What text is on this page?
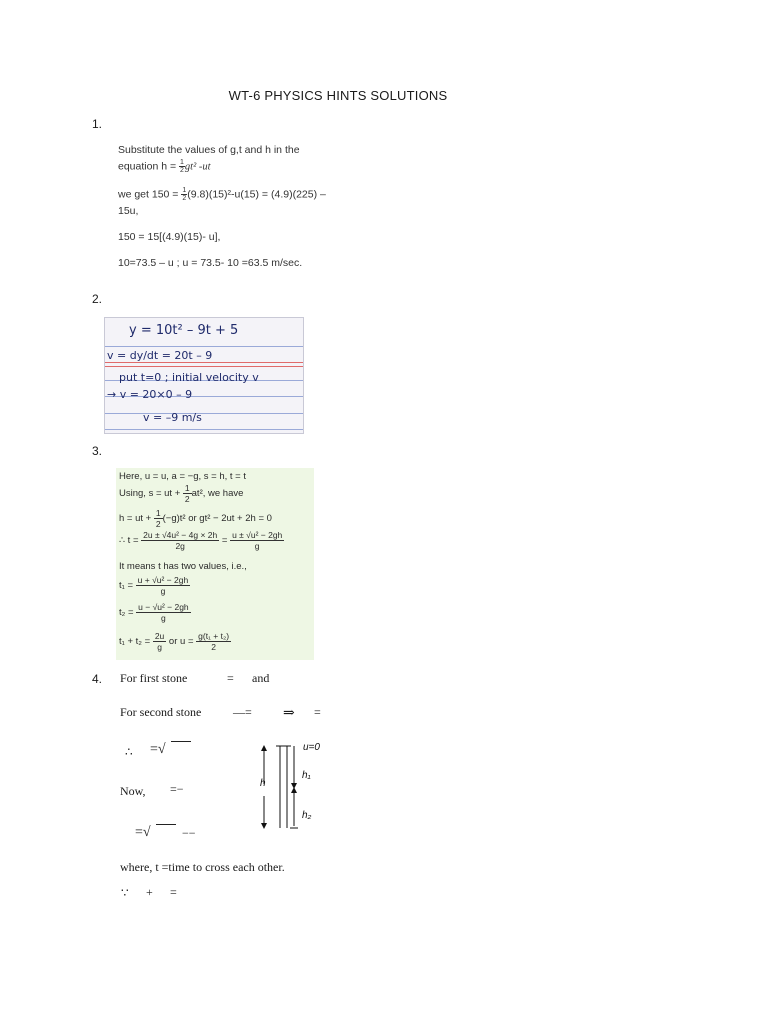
WT-6 PHYSICS HINTS SOLUTIONS
1.

Substitute the values of g,t and h in the

equation $h = \frac{1}{2} gt^2$ -ut

we get $150 = \frac{1}{2} (9.8)(15)^2-u(15) = (4.9)(225)$ –

15u,

150 = 15[(4.9)(15)- u],

10=73.5 – u ; u = 73.5- 10 =63.5 m/sec.

2.
y = 10t² – 9t + 5
v = dy/dt = 20t – 9
put t=0 ; initial velocity v
→ v = 20×0 – 9
v = –9 m/s
3.
Here, u = u, a = −g, s = h, t = t
Using, s = ut + $\frac{1}{2} at^2$, we have
h = ut + $\frac{1}{2} (-g)t^2$ or gt² − 2ut + 2h = 0
∴ $t = \frac{\text{2u ± √4u² − 4g × 2h}}{2g} = \frac{\text{u ± √u² − 2gh}}{g}$
It means t has two values, i.e.,
$t_1 = \frac{\text{u + √u² − 2gh}}{g}$
$t_2 = \frac{\text{u − √u² − 2gh}}{g}$
$t_1 + t_2 = \frac{2u}{g}$ or $u = \frac{\text{g(t₁ + t₂)}}{2}$
4. For first stone	= and
For second stone	—= ⇒ =
∴ =√
Now, =−
=√	−−
where, t =time to cross each other.
∵ + =
u=0
h
h₁
h₂
